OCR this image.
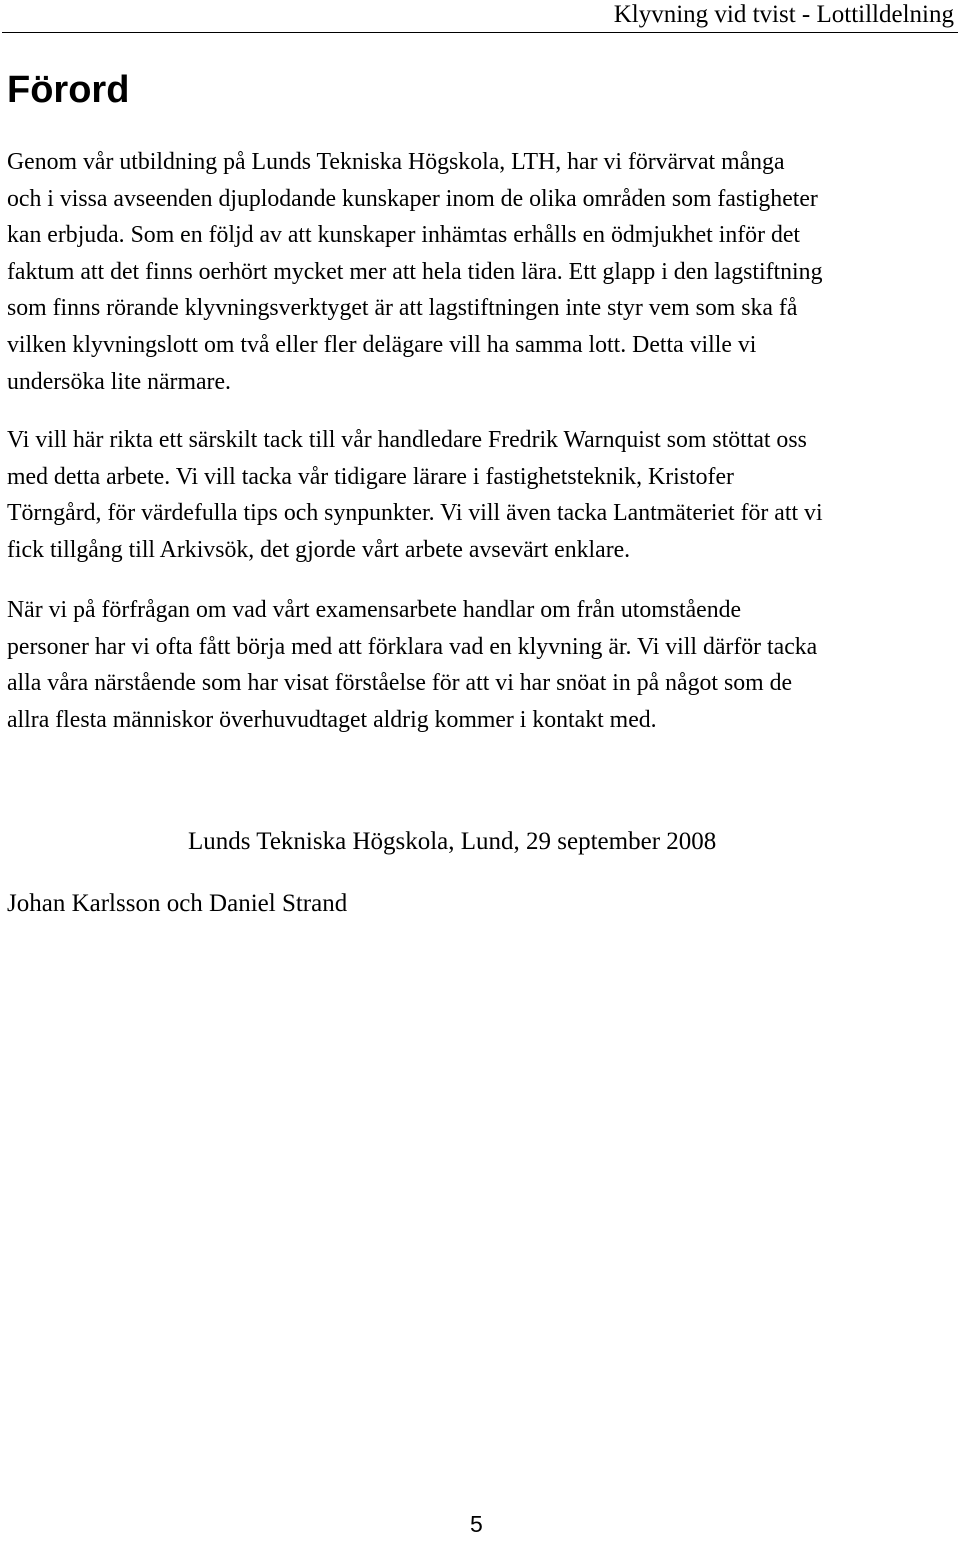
Klyvning vid tvist - Lottilldelning
Förord

Genom vår utbildning på Lunds Tekniska Högskola, LTH, har vi förvärvat många
och i vissa avseenden djuplodande kunskaper inom de olika områden som fastigheter
kan erbjuda. Som en följd av att kunskaper inhämtas erhålls en ödmjukhet inför det
faktum att det finns oerhört mycket mer att hela tiden lära. Ett glapp i den lagstiftning
som finns rörande klyvningsverktyget är att lagstiftningen inte styr vem som ska få
vilken klyvningslott om två eller fler delägare vill ha samma lott. Detta ville vi
undersöka lite närmare.

Vi vill här rikta ett särskilt tack till vår handledare Fredrik Warnquist som stöttat oss
med detta arbete. Vi vill tacka vår tidigare lärare i fastighetsteknik, Kristofer
Törngård, för värdefulla tips och synpunkter. Vi vill även tacka Lantmäteriet för att vi
fick tillgång till Arkivsök, det gjorde vårt arbete avsevärt enklare.

När vi på förfrågan om vad vårt examensarbete handlar om från utomstående
personer har vi ofta fått börja med att förklara vad en klyvning är. Vi vill därför tacka
alla våra närstående som har visat förståelse för att vi har snöat in på något som de
allra flesta människor överhuvudtaget aldrig kommer i kontakt med.

Lunds Tekniska Högskola, Lund, 29 september 2008
Johan Karlsson och Daniel Strand
5
